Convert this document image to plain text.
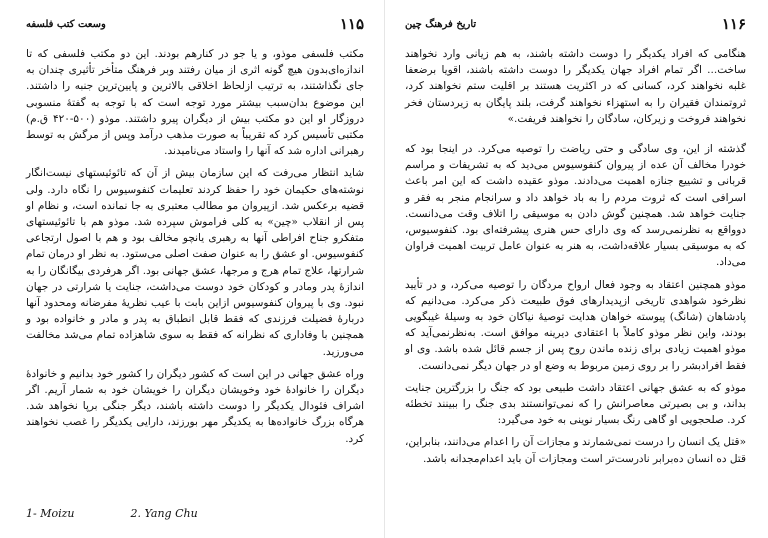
وسعت کتب فلسفه	۱۱۵

مکتب فلسفی موذو، و یا جو در کنارهم بودند. این دو مکتب فلسفی که تا اندازه‌ای‌بدون هیچ گونه اثری از میان رفتند وبر فرهنگ متأخر تأثیری چندان به جای نگذاشتند، به ترتیب ازلحاظ اخلاقی بالاترین و پایین‌ترین جنبه را داشتند. این موضوع بدان‌سبب بیشتر مورد توجه است که با توجه به گفتهٔ منسوبی دروزگار او این دو مکتب بیش از دیگران پیرو داشتند. موذو (۵۰۰-۴۲۰ ق.م) مکتبی تأسیس کرد که تقریباً به صورت مذهب درآمد وپس از مرگش به توسط رهبرانی اداره شد که آنها را واستاد می‌نامیدند.

شاید انتظار می‌رفت که این سازمان بیش از آن که تائوئیستهای نیست‌انگار نوشته‌های حکیمان خود را حفظ کردند تعلیمات کنفوسیوس را نگاه دارد. ولی قضیه برعکس شد. ازپیروان مو مطالب معتبری به جا نمانده است، و نظام او پس از انقلاب «چین» به کلی فراموش سپرده شد. موذو هم با تائوئیستهای متفکرو جناح افراطی آنها به رهبری یانچو مخالف بود و هم با اصول ارتجاعی کنفوسیوس. او عشق را به عنوان صفت اصلی می‌ستود. به نظر او درمان تمام شرارتها، علاج تمام هرج و مرجها، عشق جهانی بود. اگر هرفردی بیگانگان را به اندازهٔ پدر ومادر و کودکان خود دوست می‌داشت، جنایت یا شرارتی در جهان نبود. وی با پیروان کنفوسیوس ازاین بابت با عیب نظریهٔ مفرضانه ومحدود آنها دربارهٔ فضیلت فرزندی که فقط قابل انطباق به پدر و مادر و خانواده بود و همچنین با وفاداری که نظرانه که فقط به سوی شاهزاده تمام می‌شد مخالفت می‌ورزید.

وراه عشق جهانی در این است که کشور دیگران را کشور خود بدانیم و خانوادهٔ دیگران را خانوادهٔ خود وخویشان دیگران را خویشان خود به شمار آریم. اگر اشراف فئودال یکدیگر را دوست داشته باشند، دیگر جنگی برپا نخواهد شد. هرگاه بزرگ خانواده‌ها به یکدیگر مهر بورزند، دارایی یکدیگر را غصب نخواهند کرد.

1- Moizu	2. Yang Chu
تاریخ فرهنگ چین	۱۱۶

هنگامی که افراد یکدیگر را دوست داشته باشند، به هم زیانی وارد نخواهند ساخت... اگر تمام افراد جهان یکدیگر را دوست داشته باشند، اقویا برضعفا غلبه نخواهند کرد، کسانی که در اکثریت هستند بر اقلیت ستم نخواهند کرد، ثروتمندان فقیران را به استهزاء نخواهند گرفت، بلند پایگان به زیردستان فخر نخواهند فروخت و زیرکان، سادگان را نخواهند فریفت.»

گذشته از این، وی سادگی و حتی ریاضت را توصیه می‌کرد. در اینجا بود که خودرا مخالف آن عده از پیروان کنفوسیوس می‌دید که به تشریفات و مراسم قربانی و تشییع جنازه اهمیت می‌دادند. موذو عقیده داشت که این امر باعث اسرافی است که ثروت مردم را به باد خواهد داد و سرانجام منجر به فقر و جنایت خواهد شد. همچنین گوش دادن به موسیقی را اتلاف وقت می‌دانست. دوواقع به نظرنمی‌رسد که وی دارای حس هنری پیشرفته‌ای بود. کنفوسیوس، که به موسیقی بسیار علاقه‌داشت، به هنر به عنوان عامل تربیت اهمیت فراوان می‌داد.

موذو همچنین اعتقاد به وجود فعال ارواح مردگان را توصیه می‌کرد، و در تأیید نظرخود شواهدی تاریخی ازپدیدارهای فوق طبیعت ذکر می‌کرد. می‌دانیم که پادشاهان (شانگ) پیوسته خواهان هدایت توصیهٔ نیاکان خود به وسیلهٔ غیبگویی بودند، واین نظر موذو کاملاً با اعتقادی دیرینه موافق است. به‌نظرنمی‌آید که موذو اهمیت زیادی برای زنده ماندن روح پس از جسم قائل شده باشد. وی او فقط افرادبشر را بر روی زمین مربوط به وضع او در جهان دیگر نمی‌دانست.

موذو که به عشق جهانی اعتقاد داشت طبیعی بود که جنگ را بزرگترین جنایت بداند، و بی بصیرتی معاصرانش را که نمی‌توانستند بدی جنگ را ببینند تخطئه کرد. صلحجویی او گاهی رنگ بسیار نوینی به خود می‌گیرد:

«قتل یک انسان را درست نمی‌شمارند و مجازات آن را اعدام می‌دانند، بنابراین، قتل ده انسان ده‌برابر نادرست‌تر است ومجازات آن باید اعدام‌مجدانه باشد.
